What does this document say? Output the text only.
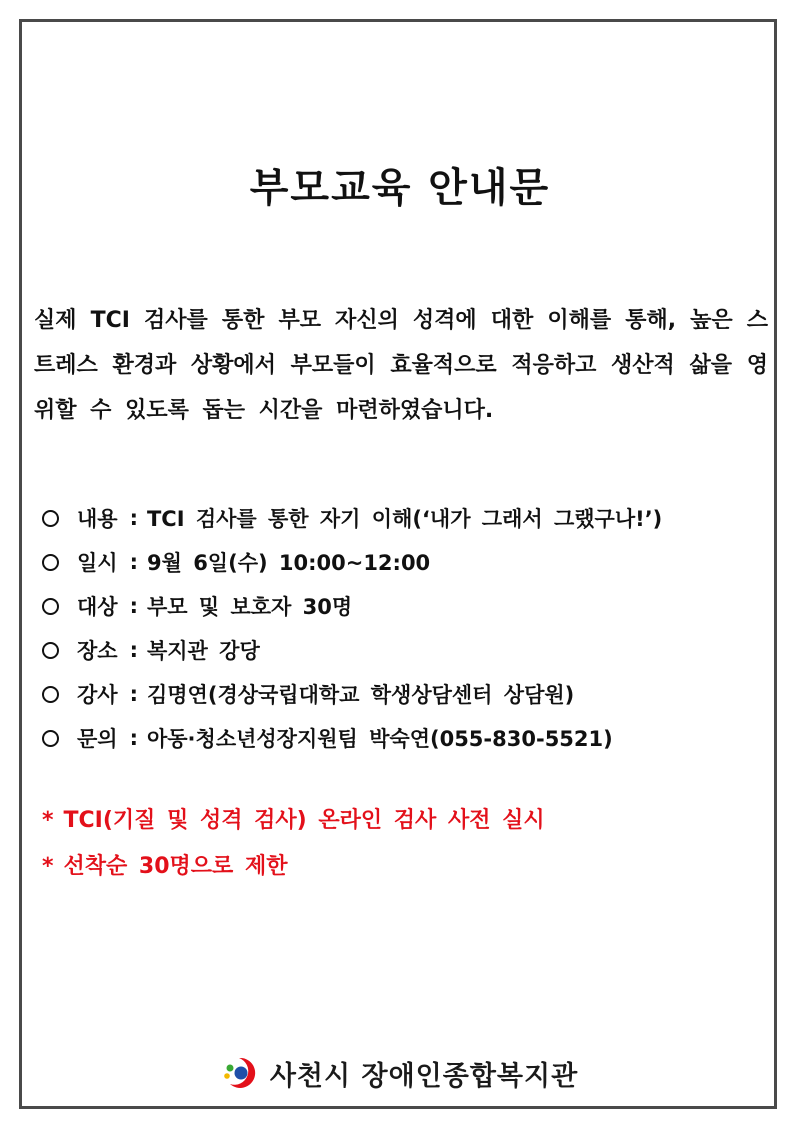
부모교육 안내문
실제 TCI 검사를 통한 부모 자신의 성격에 대한 이해를 통해, 높은 스트레스 환경과 상황에서 부모들이 효율적으로 적응하고 생산적 삶을 영위할 수 있도록 돕는 시간을 마련하였습니다.
내용 : TCI 검사를 통한 자기 이해(‘내가 그래서 그랬구나!’)
일시 : 9월 6일(수) 10:00~12:00
대상 : 부모 및 보호자 30명
장소 : 복지관 강당
강사 : 김명연(경상국립대학교 학생상담센터 상담원)
문의 : 아동·청소년성장지원팀 박숙연(055-830-5521)
* TCI(기질 및 성격 검사) 온라인 검사 사전 실시
* 선착순 30명으로 제한
사천시 장애인종합복지관
